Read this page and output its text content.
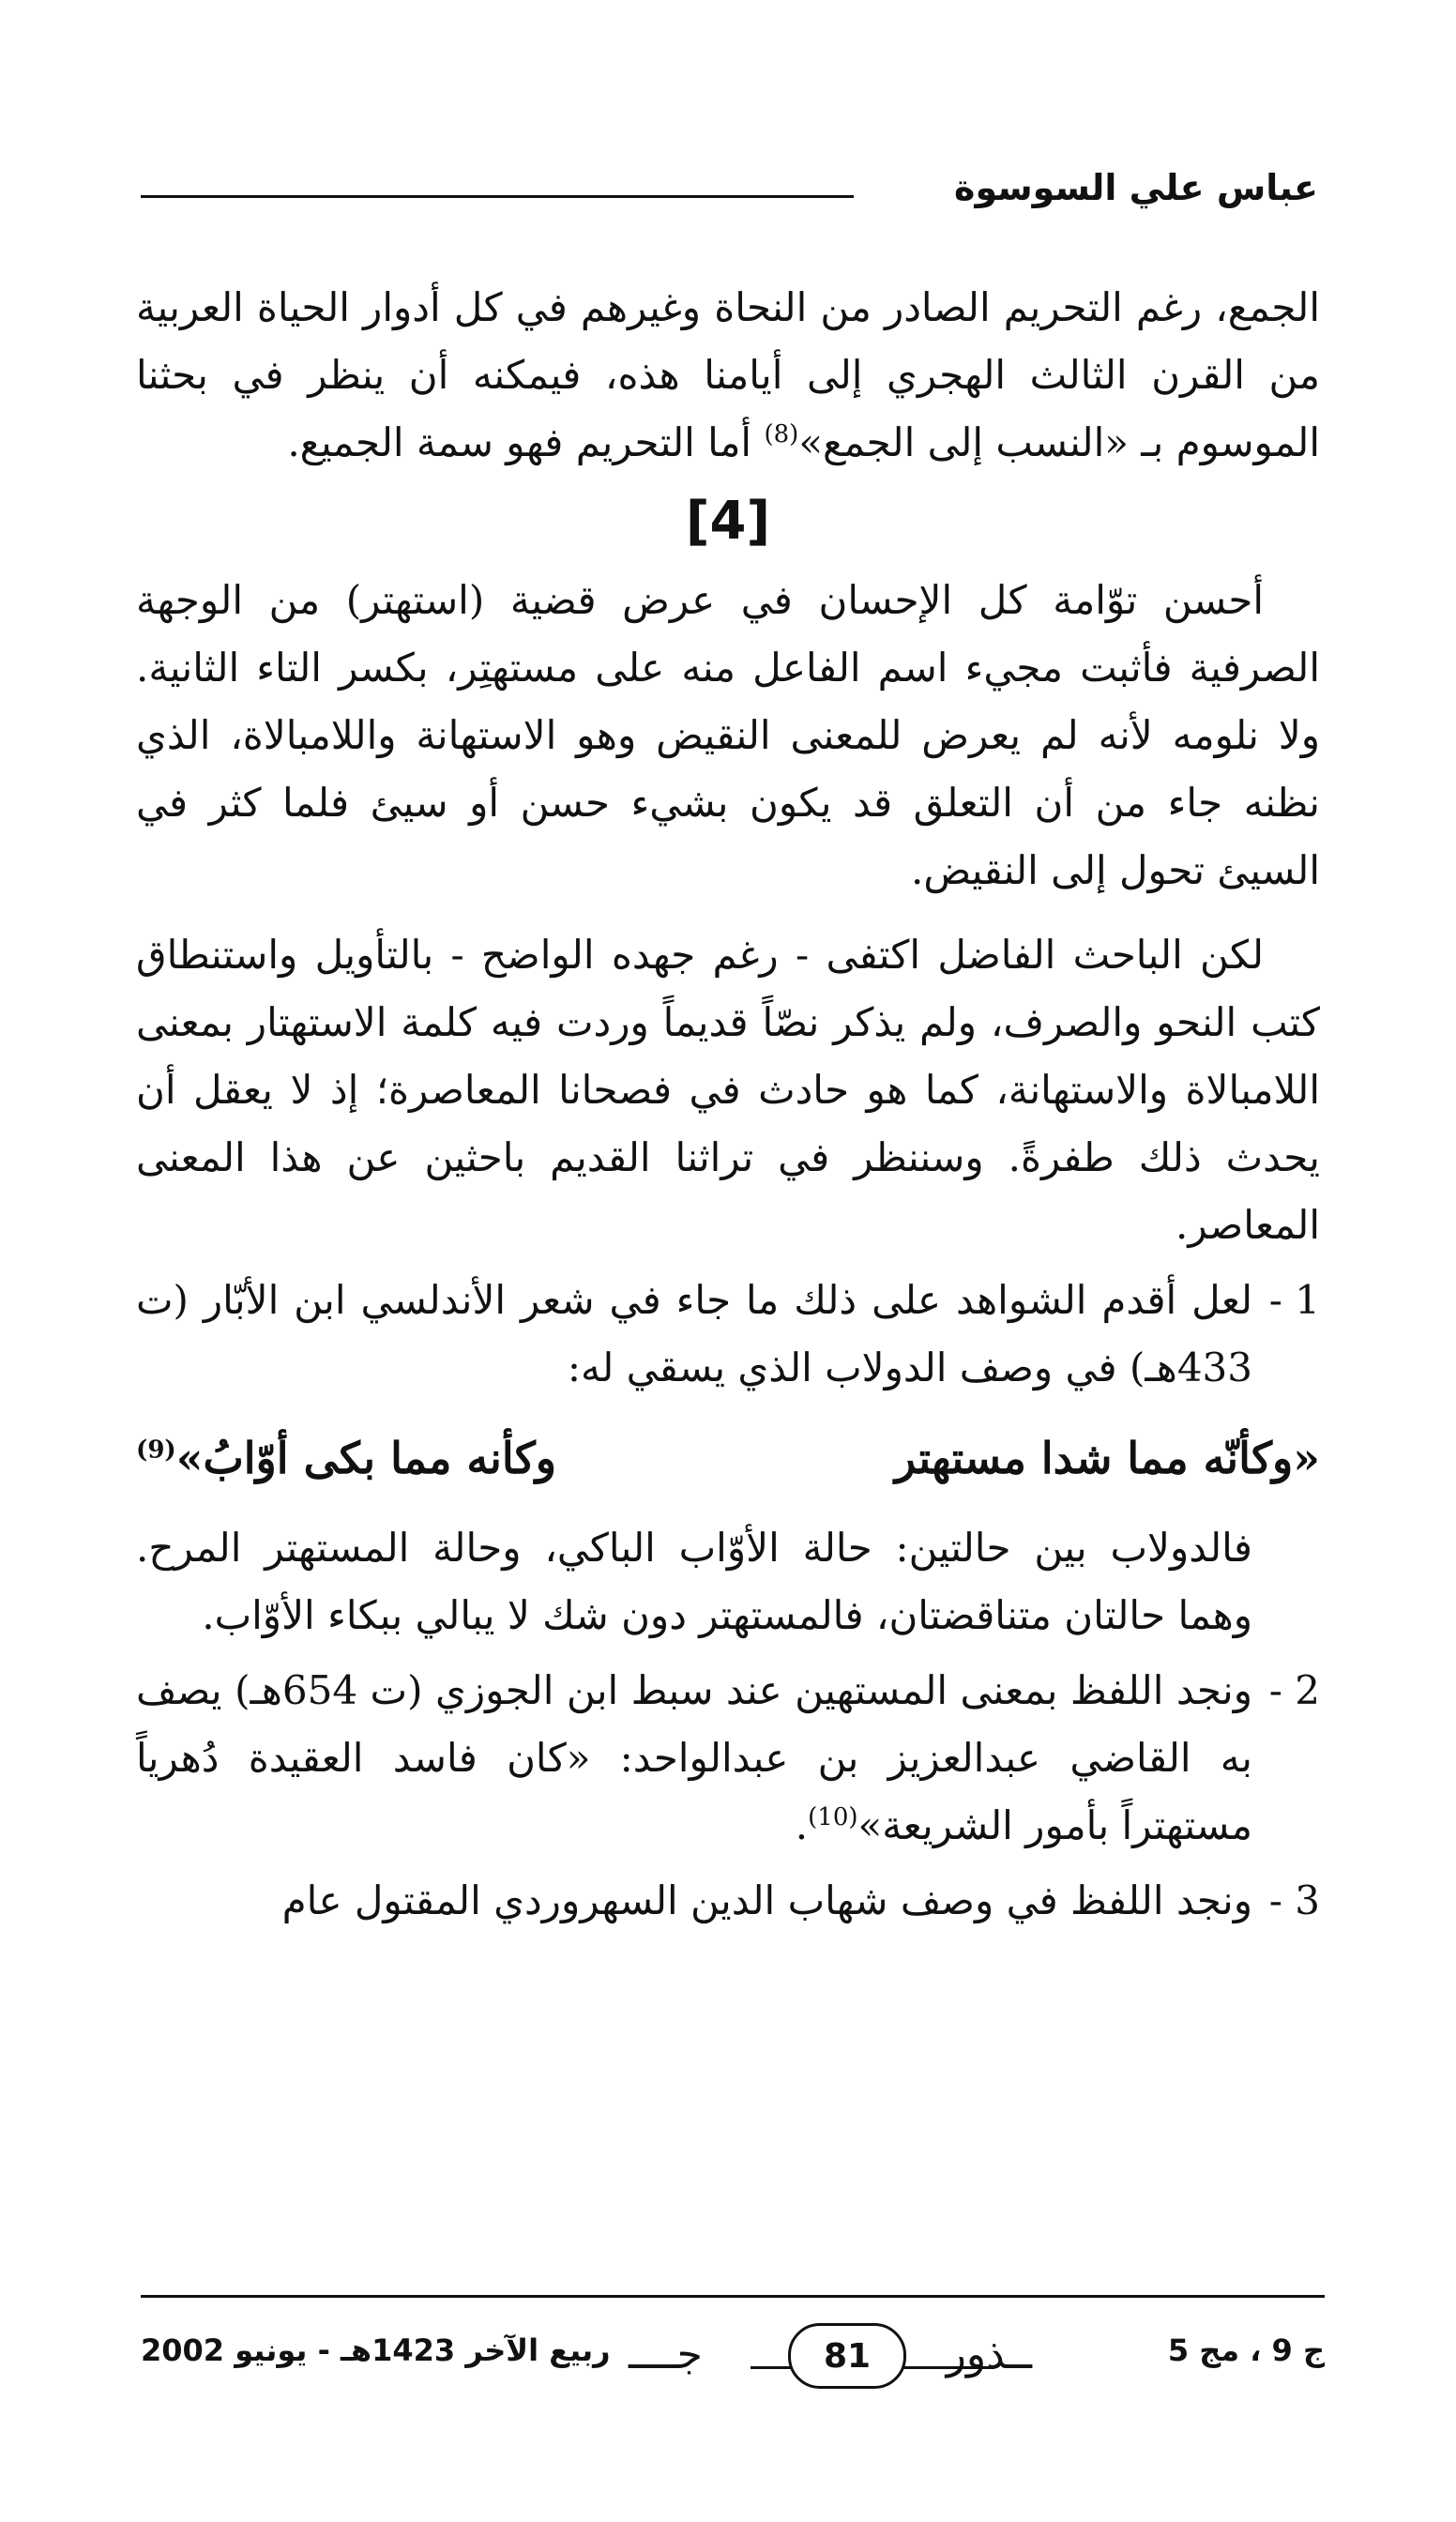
عباس علي السوسوة

الجمع، رغم التحريم الصادر من النحاة وغيرهم في كل أدوار الحياة العربية من القرن الثالث الهجري إلى أيامنا هذه، فيمكنه أن ينظر في بحثنا الموسوم بـ «النسب إلى الجمع»$^{(8)}$ أما التحريم فهو سمة الجميع.

[4]

أحسن توّامة كل الإحسان في عرض قضية (استهتر) من الوجهة الصرفية فأثبت مجيء اسم الفاعل منه على مستهتِر، بكسر التاء الثانية. ولا نلومه لأنه لم يعرض للمعنى النقيض وهو الاستهانة واللامبالاة، الذي نظنه جاء من أن التعلق قد يكون بشيء حسن أو سيئ فلما كثر في السيئ تحول إلى النقيض.

لكن الباحث الفاضل اكتفى - رغم جهده الواضح - بالتأويل واستنطاق كتب النحو والصرف، ولم يذكر نصّاً قديماً وردت فيه كلمة الاستهتار بمعنى اللامبالاة والاستهانة، كما هو حادث في فصحانا المعاصرة؛ إذ لا يعقل أن يحدث ذلك طفرةً. وسننظر في تراثنا القديم باحثين عن هذا المعنى المعاصر.

1 -

لعل أقدم الشواهد على ذلك ما جاء في شعر الأندلسي ابن الأبّار (ت 433هـ) في وصف الدولاب الذي يسقي له:

«وكأنّه مما شدا مستهتر
وكأنه مما بكى أوّابُ»$^{(9)}$

فالدولاب بين حالتين: حالة الأوّاب الباكي، وحالة المستهتر المرح. وهما حالتان متناقضتان، فالمستهتر دون شك لا يبالي ببكاء الأوّاب.

2 -

ونجد اللفظ بمعنى المستهين عند سبط ابن الجوزي (ت 654هـ) يصف به القاضي عبدالعزيز بن عبدالواحد: «كان فاسد العقيدة دُهرياً مستهتراً بأمور الشريعة»$^{(10)}$.

3 -

ونجد اللفظ في وصف شهاب الدين السهروردي المقتول عام

ج 9 ، مج 5
جــــ	ــذور
81
ربيع الآخر 1423هـ - يونيو 2002
